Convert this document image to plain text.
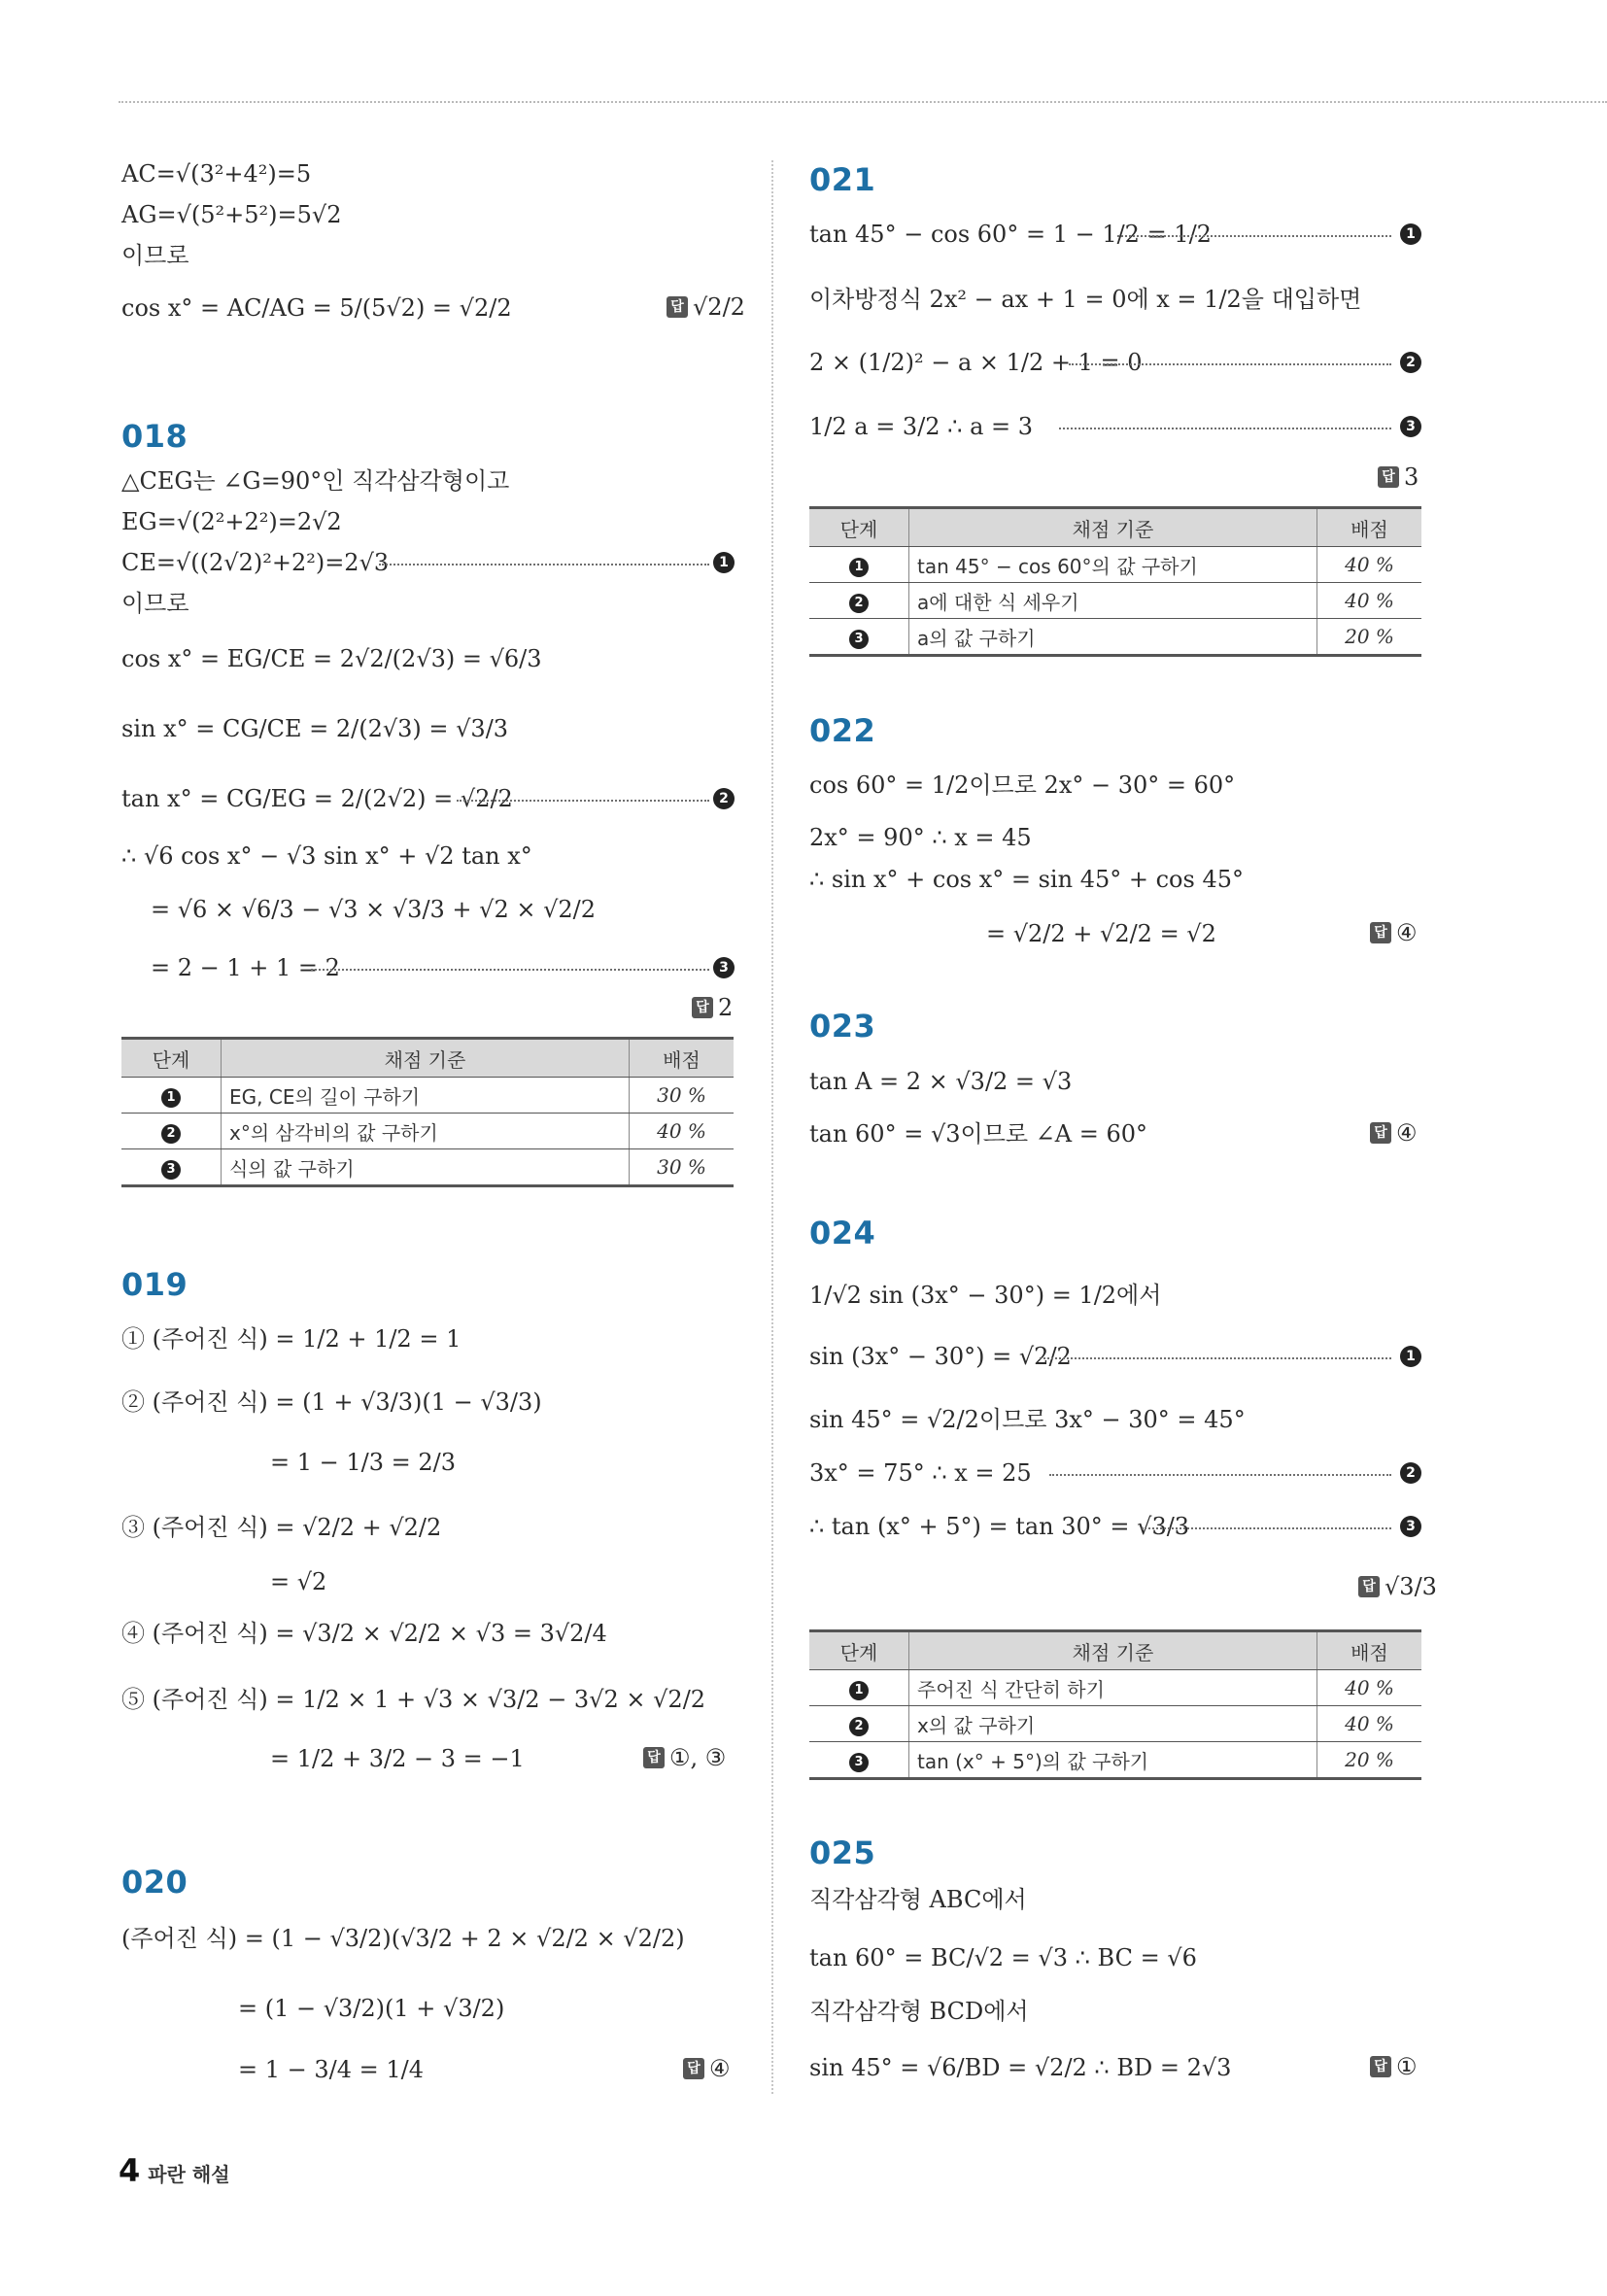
AC=√(3²+4²)=5
AG=√(5²+5²)=5√2
이므로
cos x° = AC/AG = 5/(5√2) = √2/2	답 √2/2
018
△CEG는 ∠G=90°인 직각삼각형이고
EG=√(2²+2²)=2√2
CE=√((2√2)²+2²)=2√3	1
이므로
cos x° = EG/CE = 2√2/(2√3) = √6/3
sin x° = CG/CE = 2/(2√3) = √3/3
tan x° = CG/EG = 2/(2√2) = √2/2	2
∴ √6 cos x° − √3 sin x° + √2 tan x°
= √6 × √6/3 − √3 × √3/3 + √2 × √2/2
= 2 − 1 + 1 = 2	3
답 2
단계	채점 기준	배점
1	EG, CE의 길이 구하기	30 %
2	x°의 삼각비의 값 구하기	40 %
3	식의 값 구하기	30 %
019
① (주어진 식) = 1/2 + 1/2 = 1
② (주어진 식) = (1 + √3/3)(1 − √3/3)
= 1 − 1/3 = 2/3
③ (주어진 식) = √2/2 + √2/2
= √2
④ (주어진 식) = √3/2 × √2/2 × √3 = 3√2/4
⑤ (주어진 식) = 1/2 × 1 + √3 × √3/2 − 3√2 × √2/2
= 1/2 + 3/2 − 3 = −1	답 ①, ③
020
(주어진 식) = (1 − √3/2)(√3/2 + 2 × √2/2 × √2/2)
= (1 − √3/2)(1 + √3/2)
= 1 − 3/4 = 1/4	답 ④
021
tan 45° − cos 60° = 1 − 1/2 = 1/2	1
이차방정식 2x² − ax + 1 = 0에 x = 1/2을 대입하면
2 × (1/2)² − a × 1/2 + 1 = 0	2
1/2 a = 3/2 ∴ a = 3	3
답 3
단계	채점 기준	배점
1	tan 45° − cos 60°의 값 구하기	40 %
2	a에 대한 식 세우기	40 %
3	a의 값 구하기	20 %
022
cos 60° = 1/2이므로 2x° − 30° = 60°
2x° = 90° ∴ x = 45
∴ sin x° + cos x° = sin 45° + cos 45°
= √2/2 + √2/2 = √2	답 ④
023
tan A = 2 × √3/2 = √3
tan 60° = √3이므로 ∠A = 60°	답 ④
024
1/√2 sin (3x° − 30°) = 1/2에서
sin (3x° − 30°) = √2/2	1
sin 45° = √2/2이므로 3x° − 30° = 45°
3x° = 75° ∴ x = 25	2
∴ tan (x° + 5°) = tan 30° = √3/3	3
답 √3/3
단계	채점 기준	배점
1	주어진 식 간단히 하기	40 %
2	x의 값 구하기	40 %
3	tan (x° + 5°)의 값 구하기	20 %
025
직각삼각형 ABC에서
tan 60° = BC/√2 = √3 ∴ BC = √6
직각삼각형 BCD에서
sin 45° = √6/BD = √2/2 ∴ BD = 2√3	답 ①
4 파란 해설
